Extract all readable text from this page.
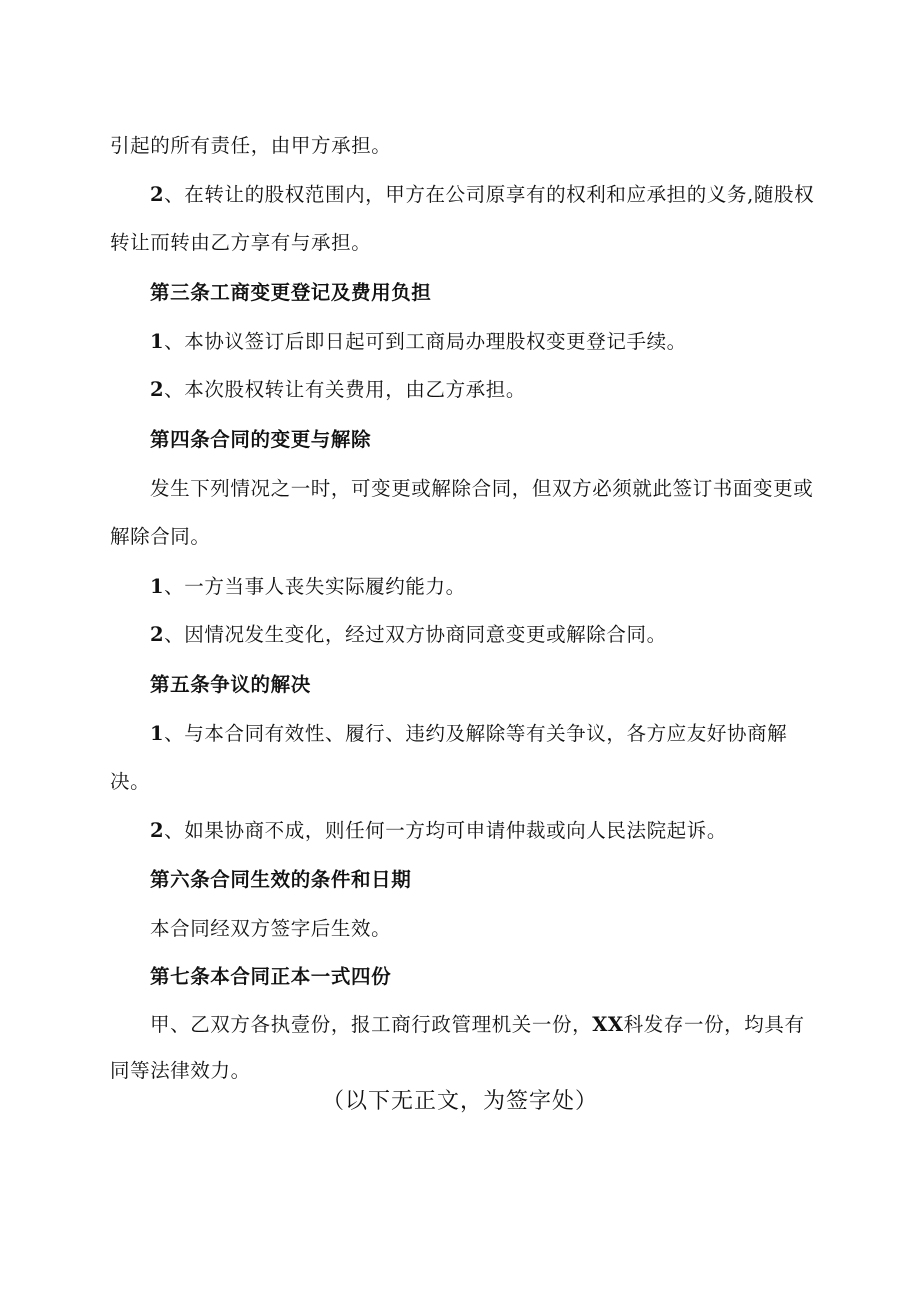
引起的所有责任，由甲方承担。
2、在转让的股权范围内，甲方在公司原享有的权利和应承担的义务,随股权
转让而转由乙方享有与承担。
第三条工商变更登记及费用负担
1、本协议签订后即日起可到工商局办理股权变更登记手续。
2、本次股权转让有关费用，由乙方承担。
第四条合同的变更与解除
发生下列情况之一时，可变更或解除合同，但双方必须就此签订书面变更或
解除合同。
1、一方当事人丧失实际履约能力。
2、因情况发生变化，经过双方协商同意变更或解除合同。
第五条争议的解决
1、与本合同有效性、履行、违约及解除等有关争议，各方应友好协商解
决。
2、如果协商不成，则任何一方均可申请仲裁或向人民法院起诉。
第六条合同生效的条件和日期
本合同经双方签字后生效。
第七条本合同正本一式四份
甲、乙双方各执壹份，报工商行政管理机关一份，XX科发存一份，均具有
同等法律效力。
（以下无正文，为签字处）
